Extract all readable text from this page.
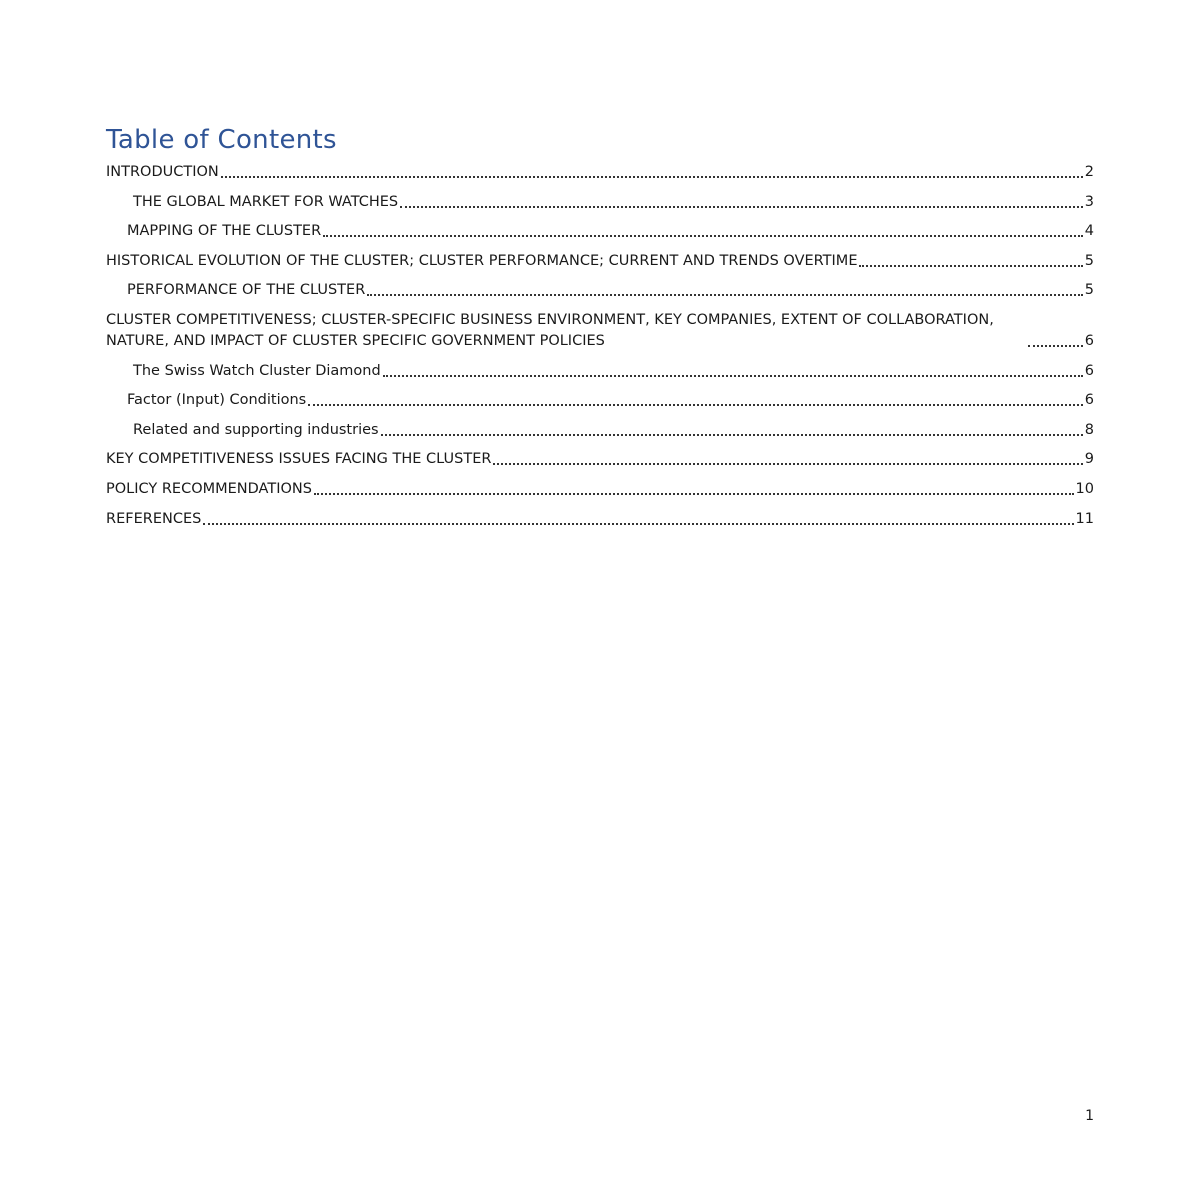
Table of Contents
INTRODUCTION	2
THE GLOBAL MARKET FOR WATCHES	3
MAPPING OF THE CLUSTER	4
HISTORICAL EVOLUTION OF THE CLUSTER; CLUSTER PERFORMANCE; CURRENT AND TRENDS OVERTIME	5
PERFORMANCE OF THE CLUSTER	5
CLUSTER COMPETITIVENESS; CLUSTER-SPECIFIC BUSINESS ENVIRONMENT, KEY COMPANIES, EXTENT OF COLLABORATION, NATURE, AND IMPACT OF CLUSTER SPECIFIC GOVERNMENT POLICIES	6
The Swiss Watch Cluster Diamond	6
Factor (Input) Conditions	6
Related and supporting industries	8
KEY COMPETITIVENESS ISSUES FACING THE CLUSTER	9
POLICY RECOMMENDATIONS	10
REFERENCES	11
1
